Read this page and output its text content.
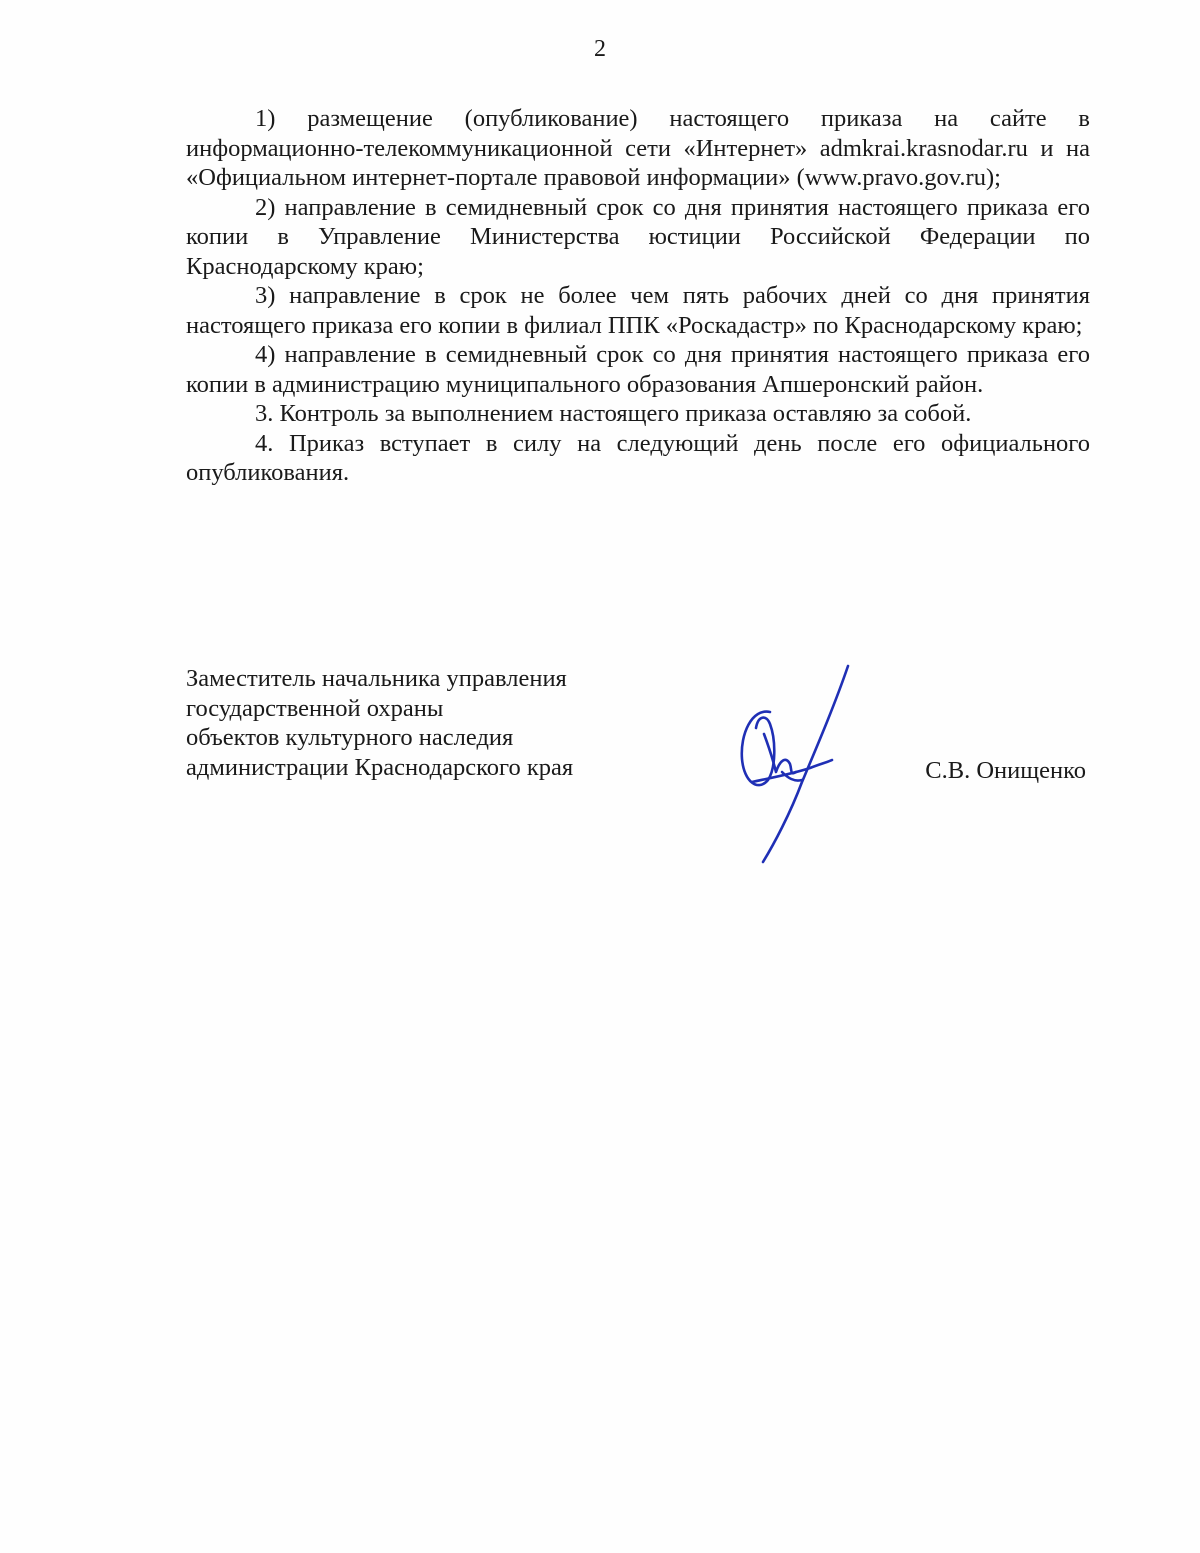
2

1) размещение (опубликование) настоящего приказа на сайте в информационно-телекоммуникационной сети «Интернет» admkrai.krasnodar.ru и на «Официальном интернет-портале правовой информации» (www.pravo.gov.ru);

2) направление в семидневный срок со дня принятия настоящего приказа его копии в Управление Министерства юстиции Российской Федерации по Краснодарскому краю;

3) направление в срок не более чем пять рабочих дней со дня принятия настоящего приказа его копии в филиал ППК «Роскадастр» по Краснодарскому краю;

4) направление в семидневный срок со дня принятия настоящего приказа его копии в администрацию муниципального образования Апшеронский район.

3. Контроль за выполнением настоящего приказа оставляю за собой.

4. Приказ вступает в силу на следующий день после его официального опубликования.

Заместитель начальника управления
государственной охраны
объектов культурного наследия
администрации Краснодарского края	С.В. Онищенко
